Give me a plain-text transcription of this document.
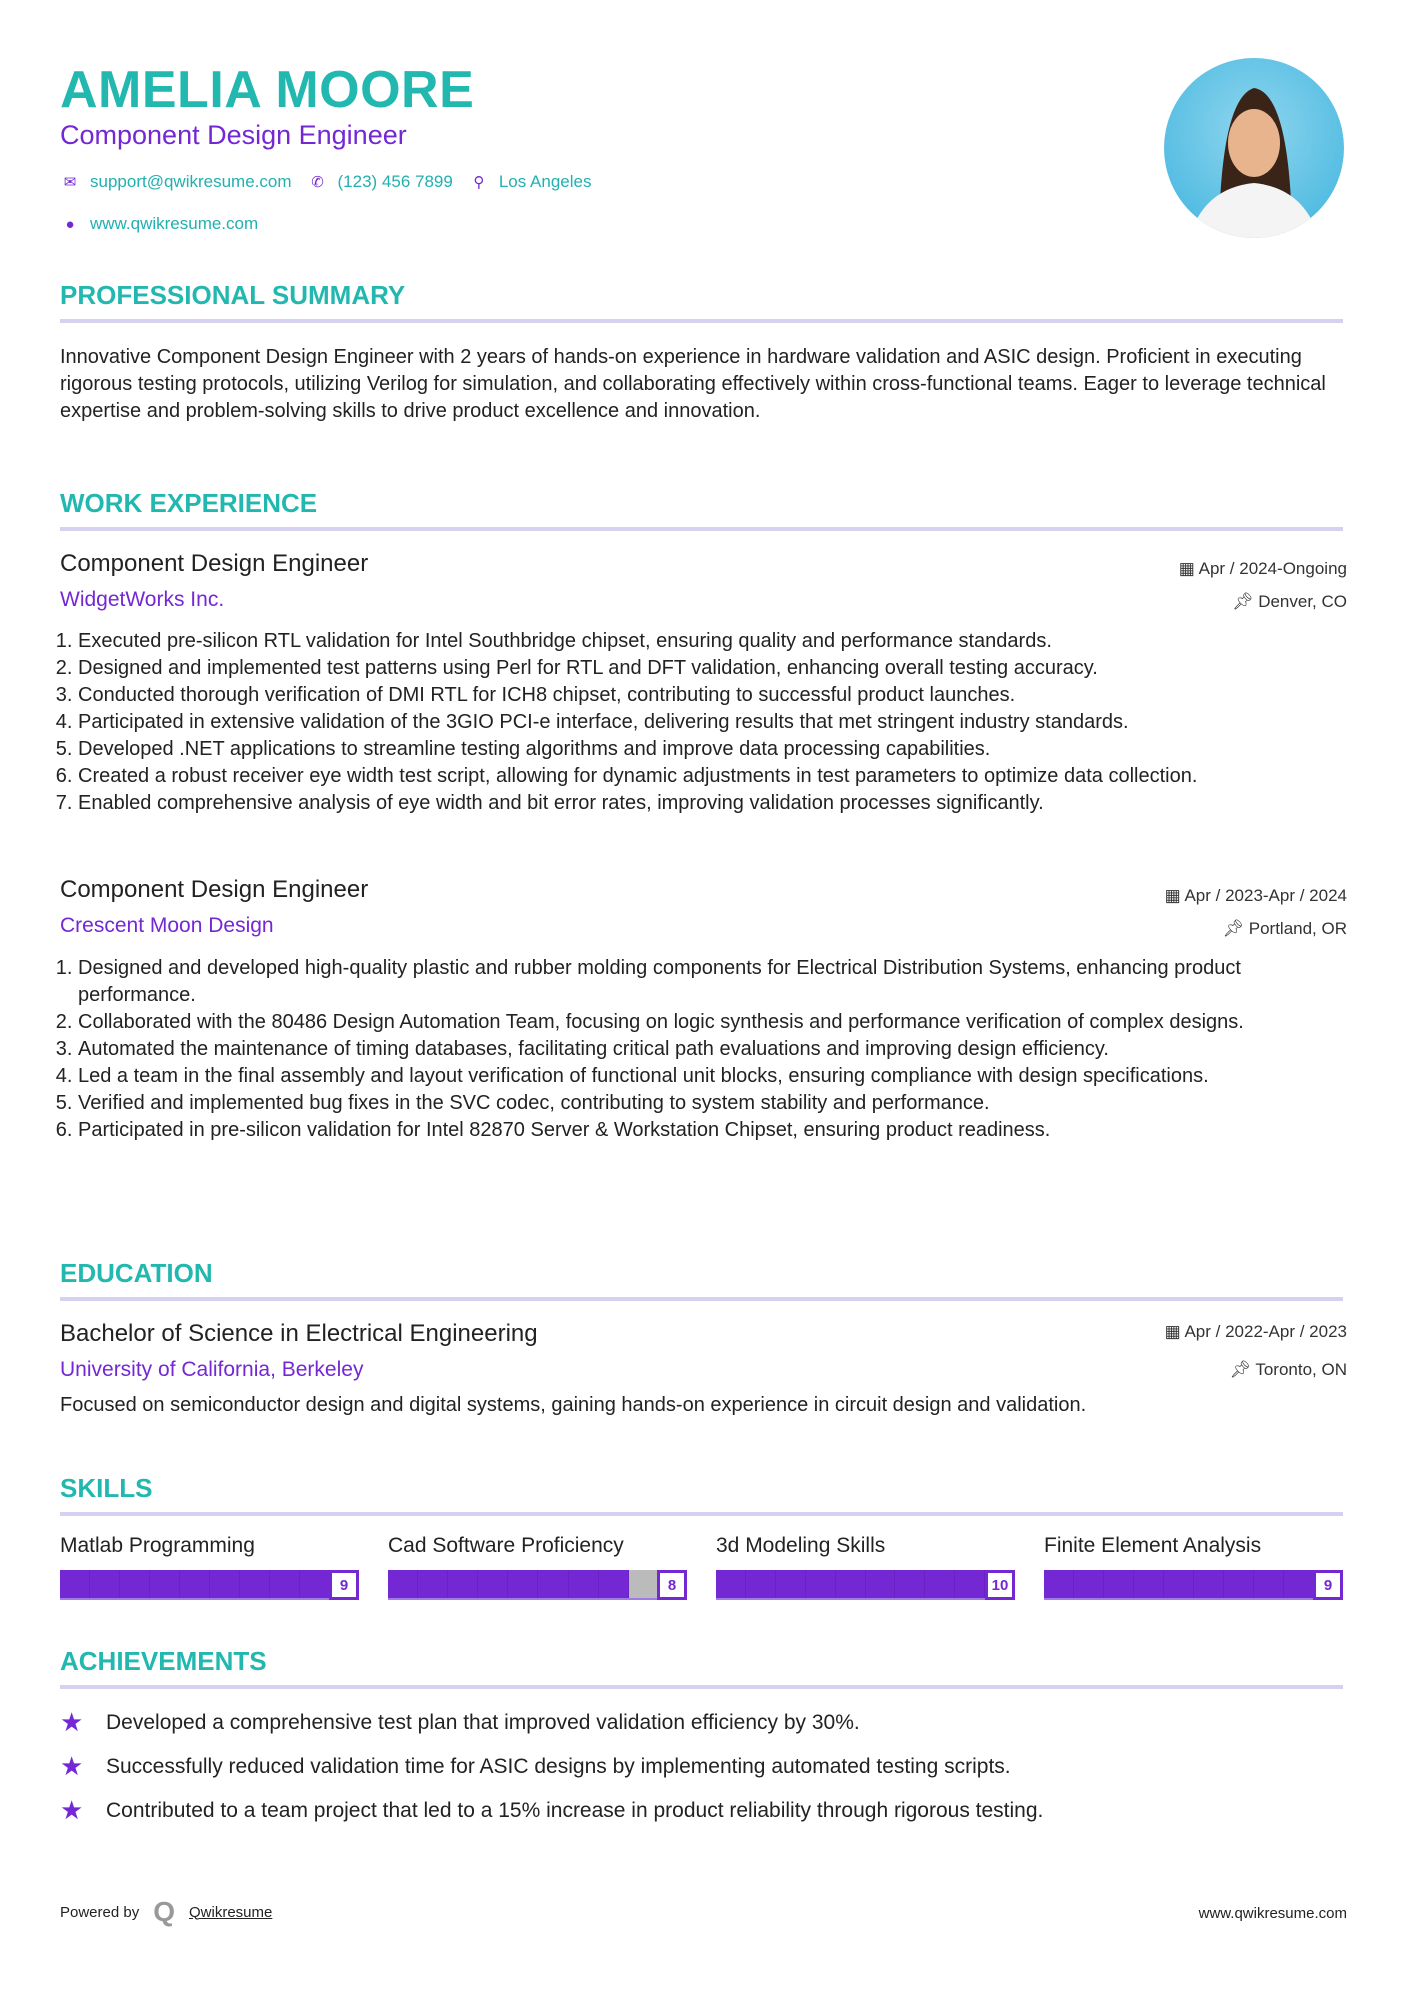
AMELIA MOORE
Component Design Engineer
✉ support@qwikresume.com ✆ (123) 456 7899	⚲ Los Angeles
● www.qwikresume.com
PROFESSIONAL SUMMARY
Innovative Component Design Engineer with 2 years of hands-on experience in hardware validation and ASIC design. Proficient in executing rigorous testing protocols, utilizing Verilog for simulation, and collaborating effectively within cross-functional teams. Eager to leverage technical expertise and problem-solving skills to drive product excellence and innovation.
WORK EXPERIENCE
Component Design Engineer
WidgetWorks Inc.
▦ Apr / 2024-Ongoing
📌︎ Denver, CO
1. Executed pre-silicon RTL validation for Intel Southbridge chipset, ensuring quality and performance standards.
2. Designed and implemented test patterns using Perl for RTL and DFT validation, enhancing overall testing accuracy.
3. Conducted thorough verification of DMI RTL for ICH8 chipset, contributing to successful product launches.
4. Participated in extensive validation of the 3GIO PCI-e interface, delivering results that met stringent industry standards.
5. Developed .NET applications to streamline testing algorithms and improve data processing capabilities.
6. Created a robust receiver eye width test script, allowing for dynamic adjustments in test parameters to optimize data collection.
7. Enabled comprehensive analysis of eye width and bit error rates, improving validation processes significantly.
Component Design Engineer
Crescent Moon Design
▦ Apr / 2023-Apr / 2024
📌︎ Portland, OR
1. Designed and developed high-quality plastic and rubber molding components for Electrical Distribution Systems, enhancing product performance.
2. Collaborated with the 80486 Design Automation Team, focusing on logic synthesis and performance verification of complex designs.
3. Automated the maintenance of timing databases, facilitating critical path evaluations and improving design efficiency.
4. Led a team in the final assembly and layout verification of functional unit blocks, ensuring compliance with design specifications.
5. Verified and implemented bug fixes in the SVC codec, contributing to system stability and performance.
6. Participated in pre-silicon validation for Intel 82870 Server & Workstation Chipset, ensuring product readiness.
EDUCATION
Bachelor of Science in Electrical Engineering
University of California, Berkeley
▦ Apr / 2022-Apr / 2023
📌︎ Toronto, ON
Focused on semiconductor design and digital systems, gaining hands-on experience in circuit design and validation.
SKILLS
Matlab Programming
9
Cad Software Proficiency
8
3d Modeling Skills
10
Finite Element Analysis
9
ACHIEVEMENTS
★	Developed a comprehensive test plan that improved validation efficiency by 30%.
★	Successfully reduced validation time for ASIC designs by implementing automated testing scripts.
★	Contributed to a team project that led to a 15% increase in product reliability through rigorous testing.
Powered by Q Qwikresume	www.qwikresume.com
